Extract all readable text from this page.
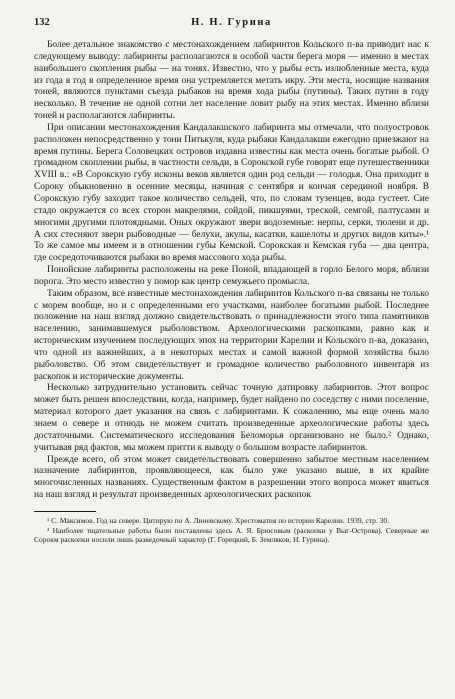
132	Н. Н. Гурина

Более детальное знакомство с местонахождением лабиринтов Кольского п-ва приводит нас к следующему выводу: лабиринты располагаются в особой части берега моря — именно в местах наибольшего скопления рыбы — на тонях. Известно, что у рыбы есть излюбленные места, куда из года в год в определенное время она устремляется метать икру. Эти места, носящие названия тоней, являются пунктами съезда рыбаков на время хода рыбы (путины). Таких путин в году несколько. В течение не одной сотни лет население ловит рыбу на этих местах. Именно вблизи тоней и располагаются лабиринты.

При описании местонахождения Кандалакшского лабиринта мы отмечали, что полуостровок расположен непосредственно у тони Питькуля, куда рыбаки Кандалакши ежегодно приезжают на время путины. Берега Соловецких островов издавна известны как места очень богатые рыбой. О громадном скоплении рыбы, в частности сельди, в Сорокской губе говорят еще путешественники XVIII в.: «В Сорокскую губу исконы веков является один род сельди — голодья. Она приходит в Сороку обыкновенно в осенние месяцы, начиная с сентября и кончая серединой ноября. В Сорокскую губу заходит такое количество сельдей, что, по словам тузенцев, вода густеет. Сие стадо окружается со всех сторон макрелями, сойдой, пикшуями, треской, семгой, палтусами и многими другими плотоядными. Оных окружают звери водоземные: нерпы, серки, тюлени и др. А сих стесняют звери рыбоводные — белухи, акулы, касатки, кашелоты и других видов киты».¹ То же самое мы имеем и в отношении губы Кемской. Сорокская и Кемская губа — два центра, где сосредоточиваются рыбаки во время массового хода рыбы.

Понойские лабиринты расположены на реке Поной, впадающей в горло Белого моря, вблизи порога. Это место известно у помор как центр семужьего промысла.

Таким образом, все известные местонахождения лабиринтов Кольского п-ва связаны не только с морем вообще, но и с определенными его участками, наиболее богатыми рыбой. Последнее положение на наш взгляд должно свидетельствовать о принадлежности этого типа памятников населению, занимавшемуся рыболовством. Археологическими раскопками, равно как и историческим изучением последующих эпох на территории Карелии и Кольского п-ва, доказано, что одной из важнейших, а в некоторых местах и самой важной формой хозяйства было рыболовство. Об этом свидетельствует и громадное количество рыболовного инвентаря из раскопок и исторические документы.

Несколько затруднительно установить сейчас точную датировку лабиринтов. Этот вопрос может быть решен впоследствии, когда, например, будет найдено по соседству с ними поселение, материал которого дает указания на связь с лабиринтами. К сожалению, мы еще очень мало знаем о севере и отнюдь не можем считать произведенные археологические работы здесь достаточными. Систематического исследования Беломорья организовано не было.² Однако, учитывая ряд фактов, мы можем притти к выводу о большом возрасте лабиринтов.

Прежде всего, об этом может свидетельствовать совершенно забытое местным населением назначение лабиринтов, проявляющееся, как было уже указано выше, в их крайне многочисленных названиях. Существенным фактом в разрешении этого вопроса может явиться на наш взгляд и результат произведенных археологических раскопок

¹ С. Максимов. Год на севере. Цитирую по А. Линевскому. Хрестоматия по истории Карелии. 1939, стр. 30.

² Наиболее тщательные работы были поставлены здесь А. Я. Брюсовым (раскопки у Выг-Острова). Северные же Сорокм раскопки носили лишь разведочный характер (Г. Горецкий, Б. Земляков, Н. Гурина).
